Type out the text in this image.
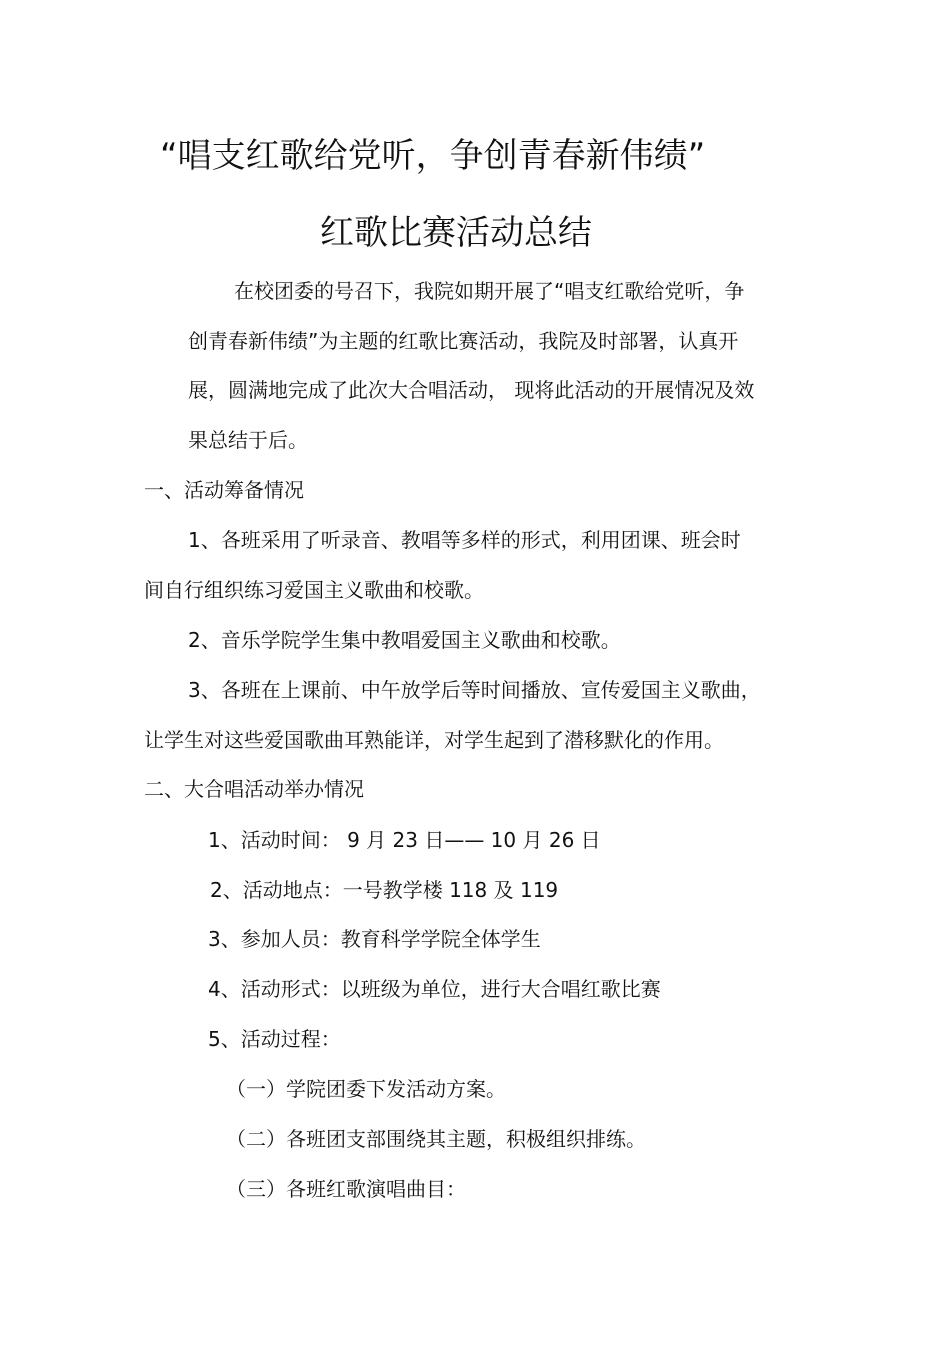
“唱支红歌给党听，争创青春新伟绩”
红歌比赛活动总结
在校团委的号召下，我院如期开展了“唱支红歌给党听，争
创青春新伟绩”为主题的红歌比赛活动，我院及时部署，认真开
展，圆满地完成了此次大合唱活动， 现将此活动的开展情况及效
果总结于后。
一、活动筹备情况
1、各班采用了听录音、教唱等多样的形式，利用团课、班会时
间自行组织练习爱国主义歌曲和校歌。
2、音乐学院学生集中教唱爱国主义歌曲和校歌。
3、各班在上课前、中午放学后等时间播放、宣传爱国主义歌曲，
让学生对这些爱国歌曲耳熟能详，对学生起到了潜移默化的作用。
二、大合唱活动举办情况
1、活动时间： 9 月 23 日—— 10 月 26 日
2、活动地点：一号教学楼 118 及 119
3、参加人员：教育科学学院全体学生
4、活动形式：以班级为单位，进行大合唱红歌比赛
5、活动过程：
（一）学院团委下发活动方案。
（二）各班团支部围绕其主题，积极组织排练。
（三）各班红歌演唱曲目：
